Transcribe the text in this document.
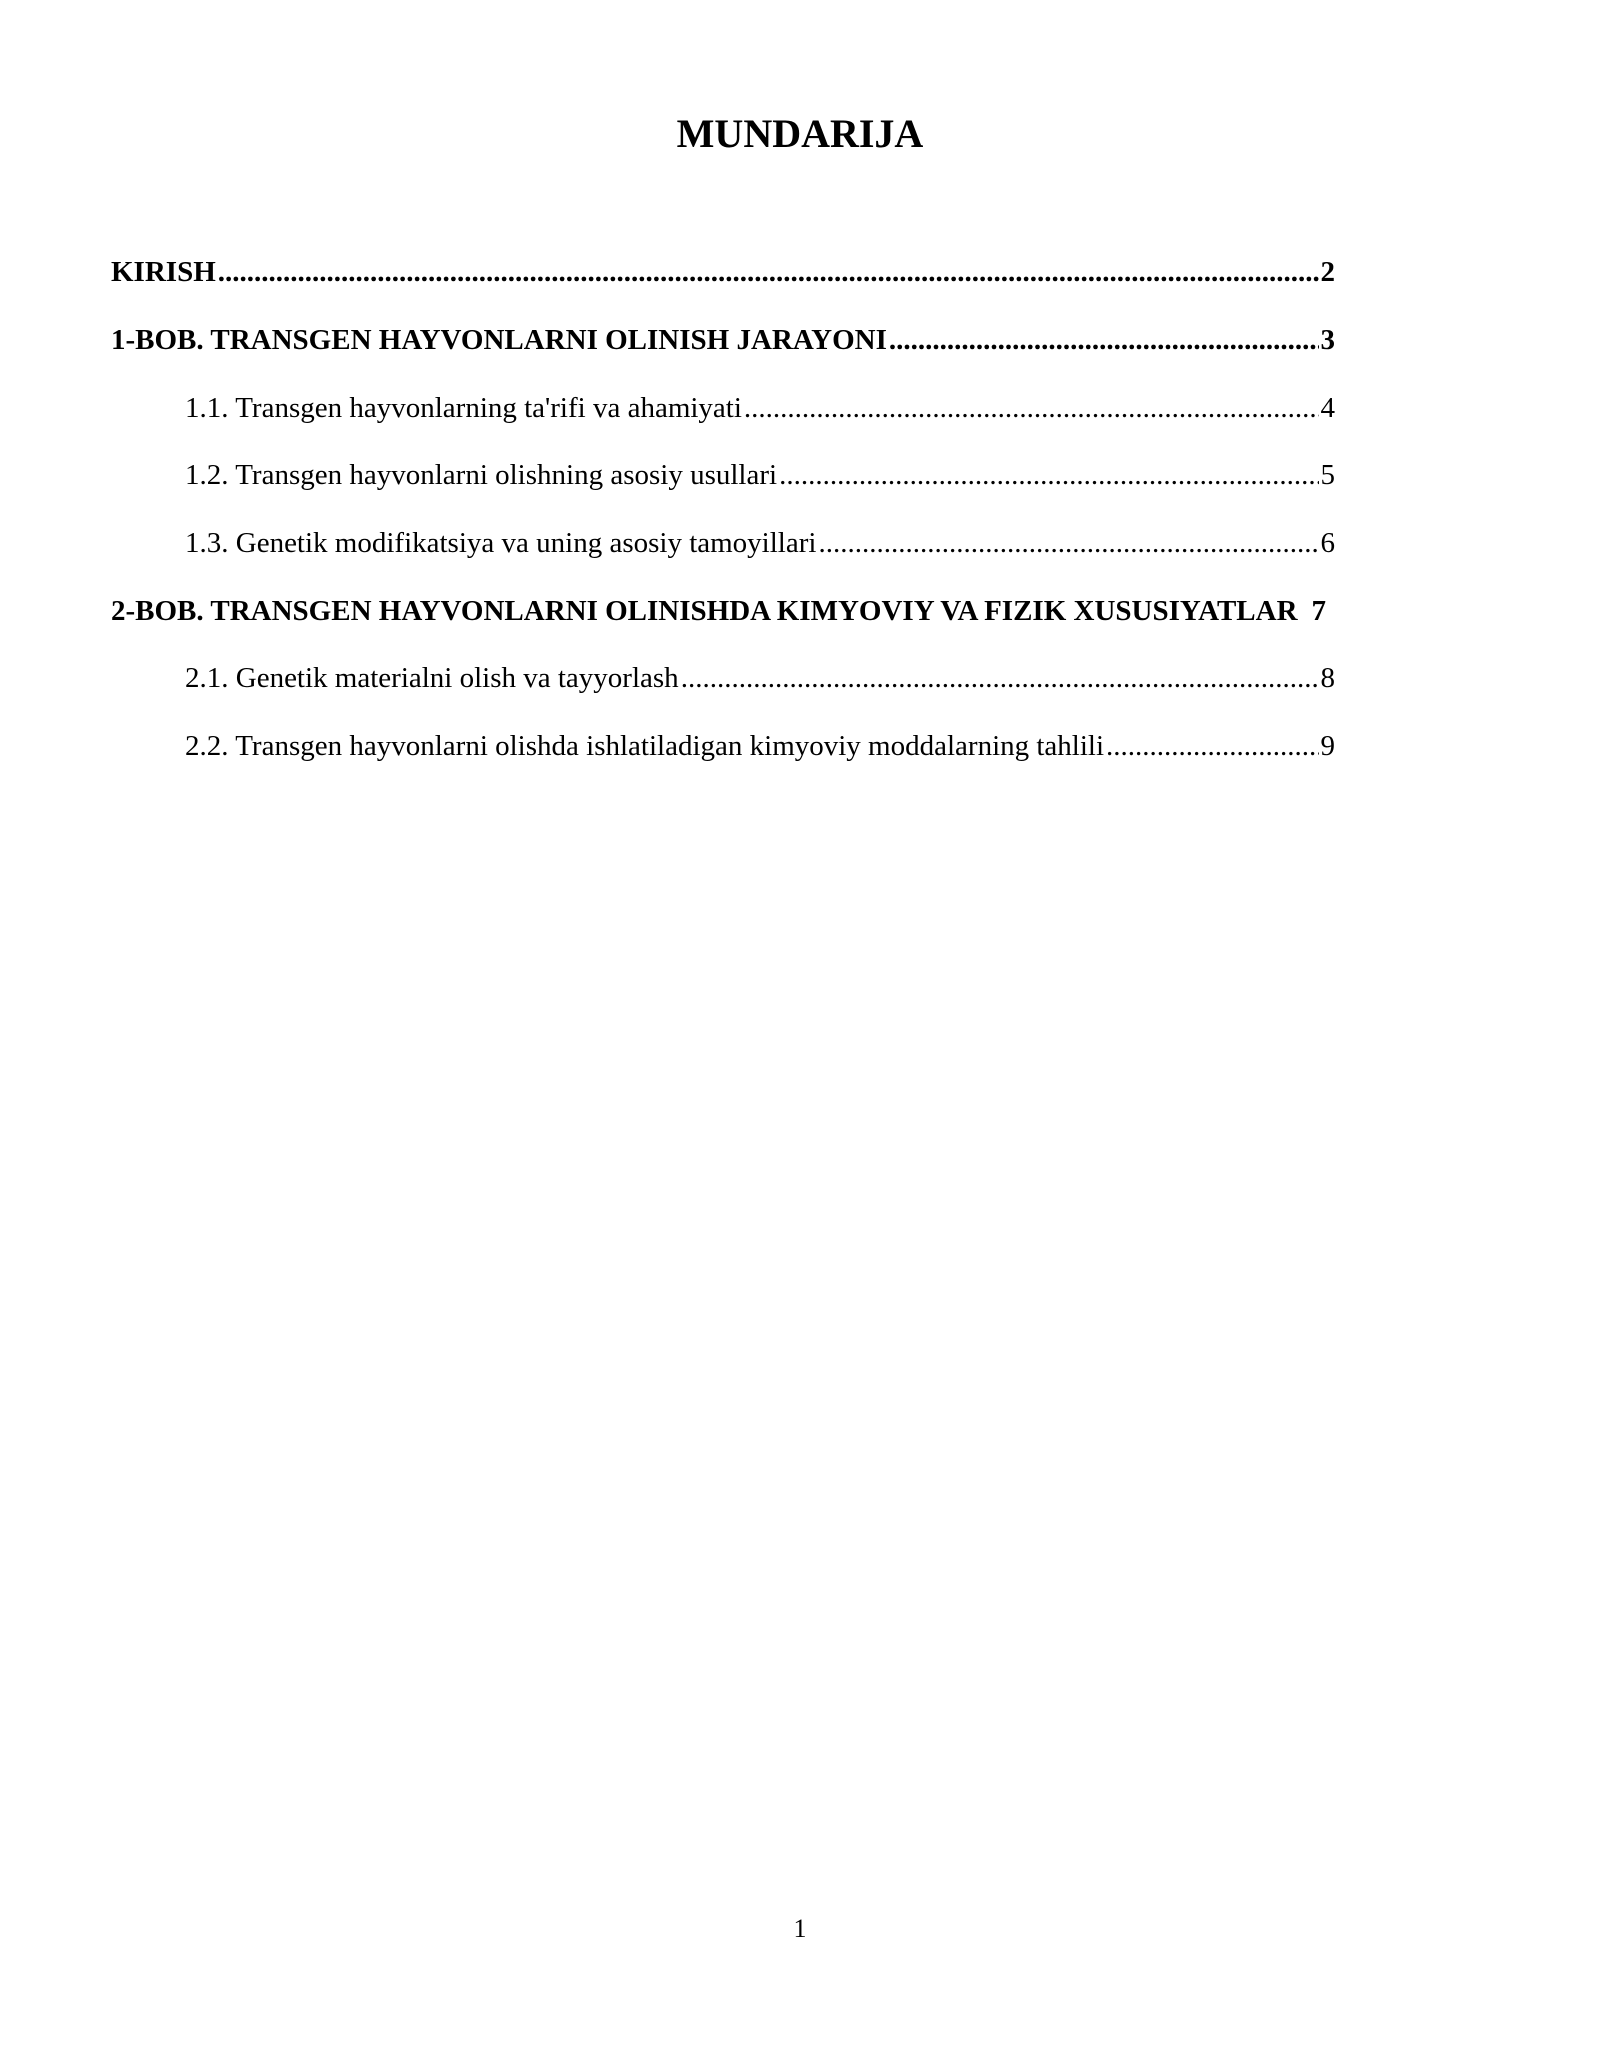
MUNDARIJA
KIRISH .....	2
1-BOB. TRANSGEN HAYVONLARNI OLINISH JARAYONI .....	3
1.1. Transgen hayvonlarning ta'rifi va ahamiyati .....	4
1.2. Transgen hayvonlarni olishning asosiy usullari .....	5
1.3. Genetik modifikatsiya va uning asosiy tamoyillari .....	6
2-BOB. TRANSGEN HAYVONLARNI OLINISHDA KIMYOVIY VA FIZIK XUSUSIYATLAR 7
2.1. Genetik materialni olish va tayyorlash .....	8
2.2. Transgen hayvonlarni olishda ishlatiladigan kimyoviy moddalarning tahlili .....	9
1
